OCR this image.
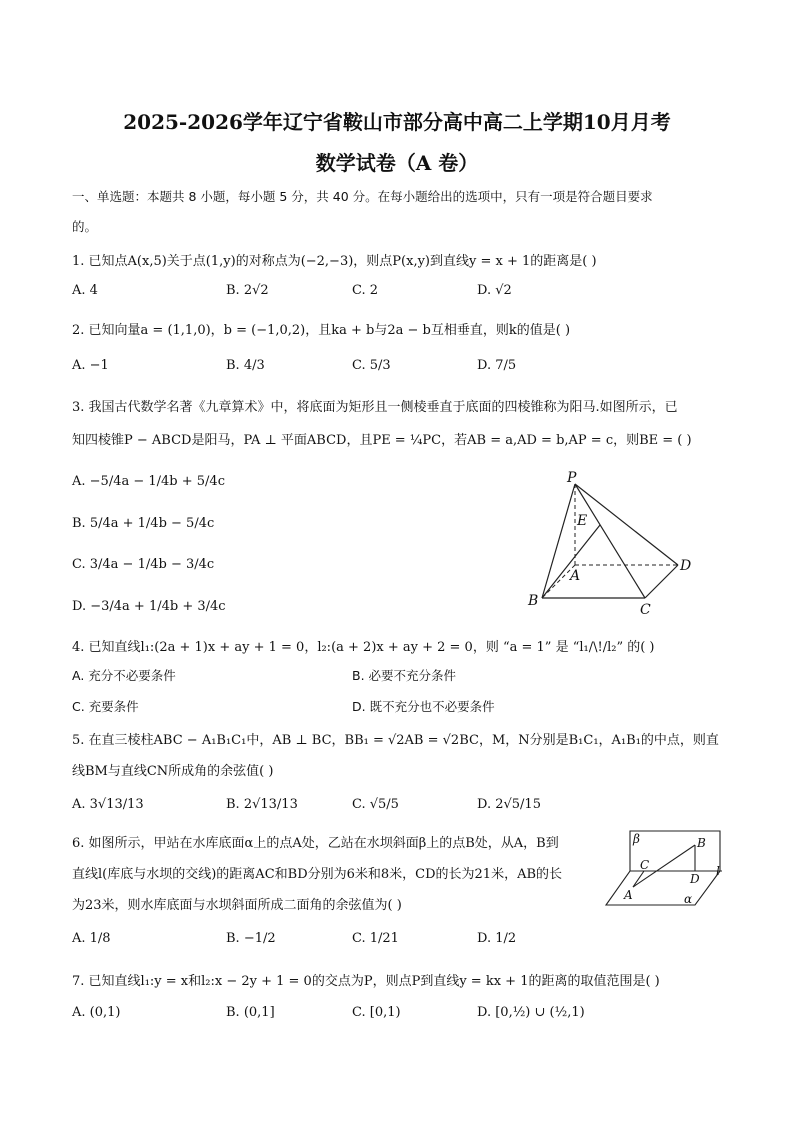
2025-2026学年辽宁省鞍山市部分高中高二上学期10月月考
数学试卷（A 卷）
一、单选题：本题共 8 小题，每小题 5 分，共 40 分。在每小题给出的选项中，只有一项是符合题目要求
的。
1. 已知点A(x,5)关于点(1,y)的对称点为(−2,−3)，则点P(x,y)到直线y = x + 1的距离是( )
A. 4	B. 2√2	C. 2	D. √2
2. 已知向量a = (1,1,0)，b = (−1,0,2)，且ka + b与2a − b互相垂直，则k的值是( )
A. −1	B. 4/3	C. 5/3	D. 7/5
3. 我国古代数学名著《九章算术》中，将底面为矩形且一侧棱垂直于底面的四棱锥称为阳马.如图所示，已
知四棱锥P − ABCD是阳马，PA ⊥ 平面ABCD，且PE = ¼PC，若AB = a,AD = b,AP = c，则BE = ( )
A. −5/4a − 1/4b + 5/4c
B. 5/4a + 1/4b − 5/4c
C. 3/4a − 1/4b − 3/4c
D. −3/4a + 1/4b + 3/4c
P
E
A
D
B
C
4. 已知直线l₁:(2a + 1)x + ay + 1 = 0，l₂:(a + 2)x + ay + 2 = 0，则 “a = 1” 是 “l₁/\!/l₂” 的( )
A. 充分不必要条件	B. 必要不充分条件
C. 充要条件	D. 既不充分也不必要条件
5. 在直三棱柱ABC − A₁B₁C₁中，AB ⊥ BC，BB₁ = √2AB = √2BC，M，N分别是B₁C₁，A₁B₁的中点，则直
线BM与直线CN所成角的余弦值( )
A. 3√13/13	B. 2√13/13	C. √5/5	D. 2√5/15
6. 如图所示，甲站在水库底面α上的点A处，乙站在水坝斜面β上的点B处，从A，B到
直线l(库底与水坝的交线)的距离AC和BD分别为6米和8米，CD的长为21米，AB的长
为23米，则水库底面与水坝斜面所成二面角的余弦值为( )
A. 1/8	B. −1/2	C. 1/21	D. 1/2
β	B
C	l
D
A	α
7. 已知直线l₁:y = x和l₂:x − 2y + 1 = 0的交点为P，则点P到直线y = kx + 1的距离的取值范围是( )
A. (0,1)	B. (0,1]	C. [0,1)	D. [0,½) ∪ (½,1)
